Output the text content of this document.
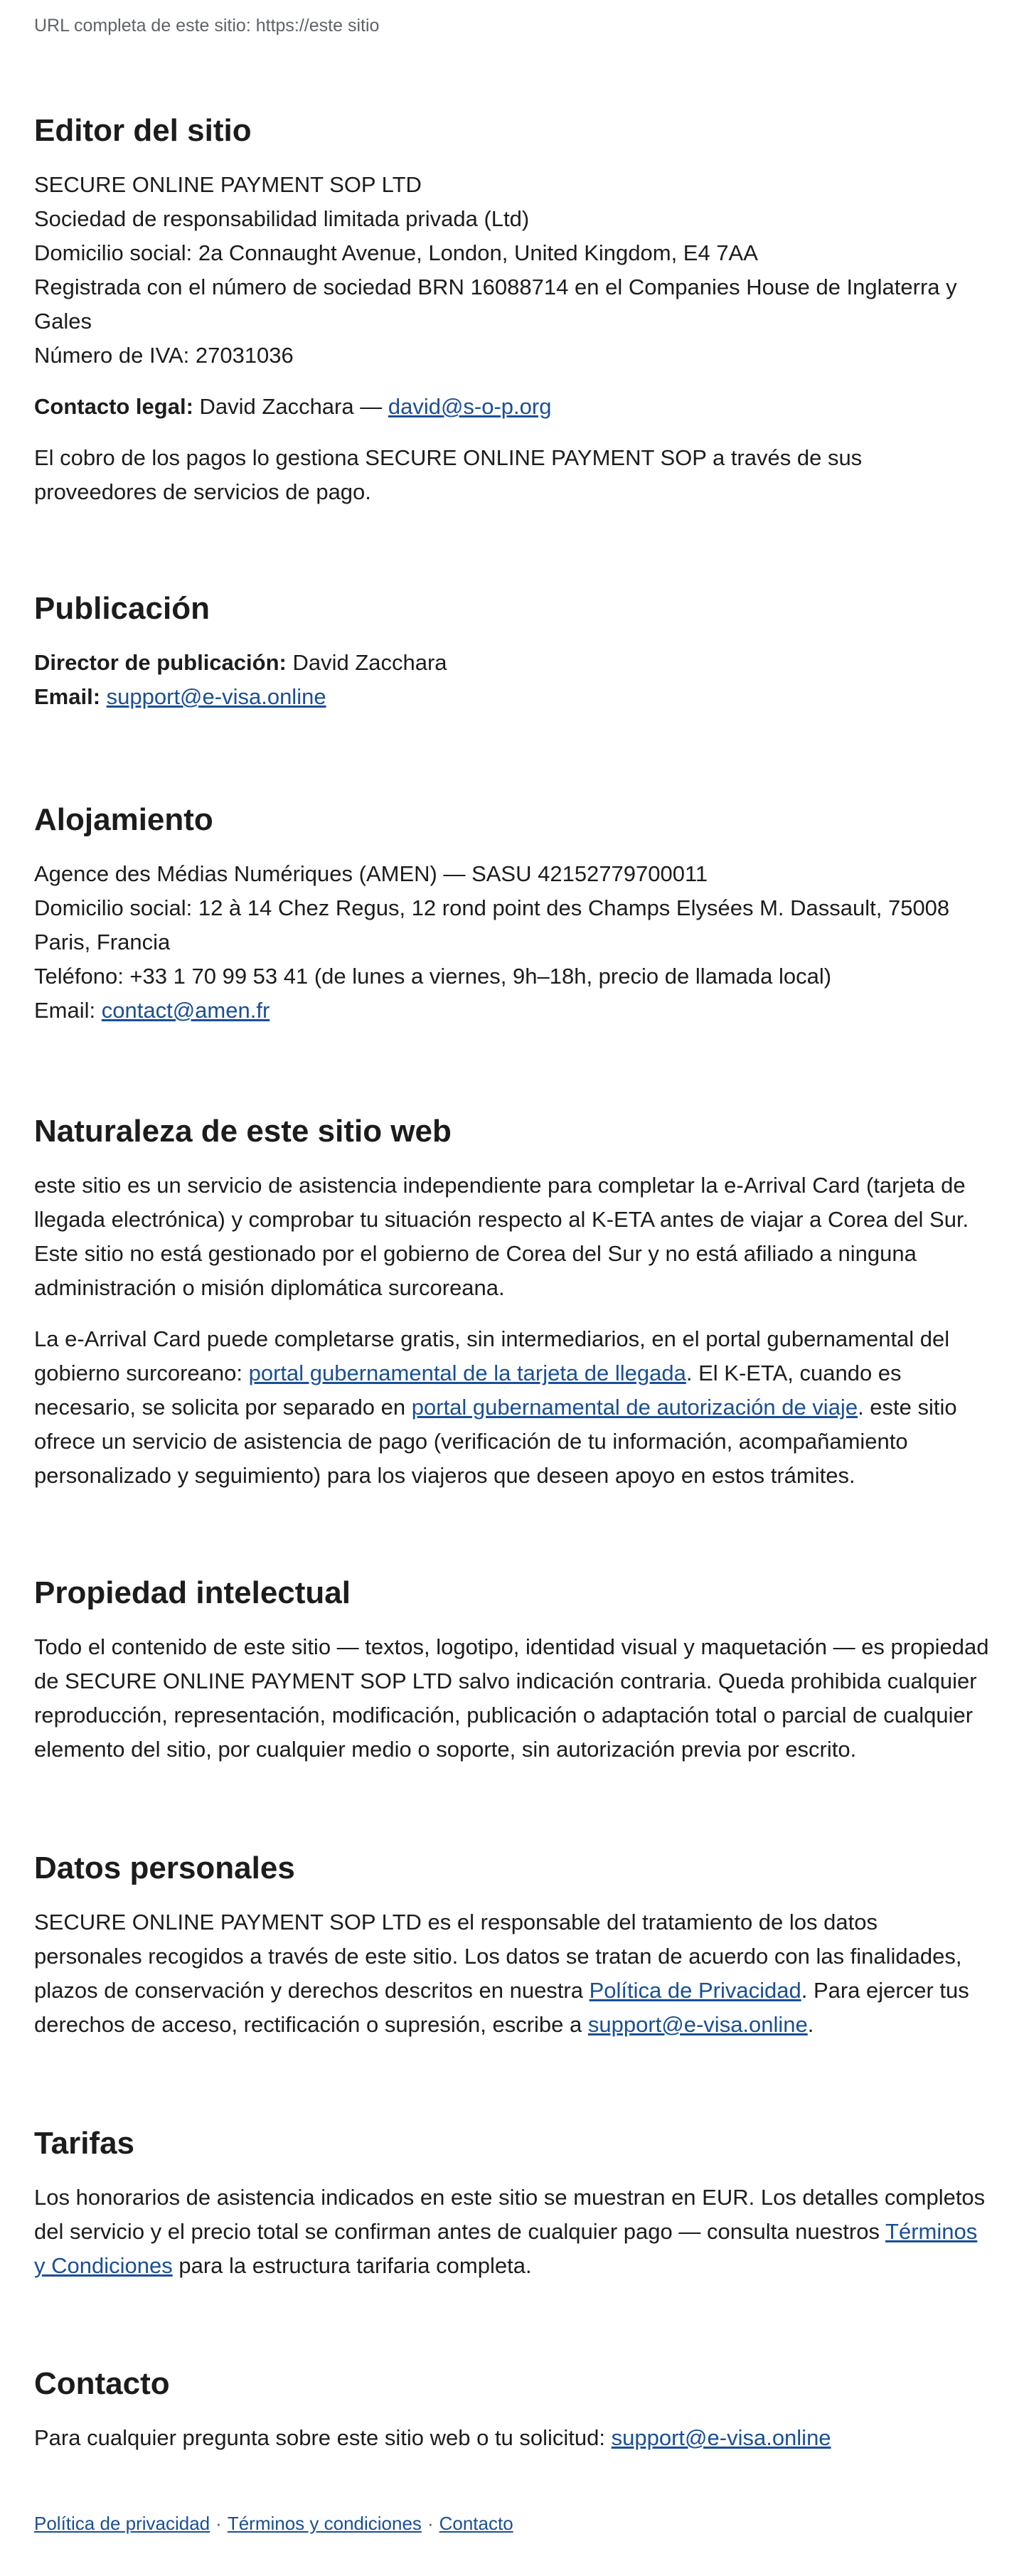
URL completa de este sitio: https://este sitio

Editor del sitio

SECURE ONLINE PAYMENT SOP LTD

Sociedad de responsabilidad limitada privada (Ltd)

Domicilio social: 2a Connaught Avenue, London, United Kingdom, E4 7AA

Registrada con el número de sociedad BRN 16088714 en el Companies House de Inglaterra y Gales

Número de IVA: 27031036

Contacto legal: David Zacchara — david@s-o-p.org

El cobro de los pagos lo gestiona SECURE ONLINE PAYMENT SOP a través de sus proveedores de servicios de pago.

Publicación

Director de publicación: David Zacchara

Email: support@e-visa.online

Alojamiento

Agence des Médias Numériques (AMEN) — SASU 42152779700011

Domicilio social: 12 à 14 Chez Regus, 12 rond point des Champs Elysées M. Dassault, 75008 Paris, Francia

Teléfono: +33 1 70 99 53 41 (de lunes a viernes, 9h–18h, precio de llamada local)

Email: contact@amen.fr

Naturaleza de este sitio web

este sitio es un servicio de asistencia independiente para completar la e-Arrival Card (tarjeta de llegada electrónica) y comprobar tu situación respecto al K-ETA antes de viajar a Corea del Sur. Este sitio no está gestionado por el gobierno de Corea del Sur y no está afiliado a ninguna administración o misión diplomática surcoreana.

La e-Arrival Card puede completarse gratis, sin intermediarios, en el portal gubernamental del gobierno surcoreano: portal gubernamental de la tarjeta de llegada. El K-ETA, cuando es necesario, se solicita por separado en portal gubernamental de autorización de viaje. este sitio ofrece un servicio de asistencia de pago (verificación de tu información, acompañamiento personalizado y seguimiento) para los viajeros que deseen apoyo en estos trámites.

Propiedad intelectual

Todo el contenido de este sitio — textos, logotipo, identidad visual y maquetación — es propiedad de SECURE ONLINE PAYMENT SOP LTD salvo indicación contraria. Queda prohibida cualquier reproducción, representación, modificación, publicación o adaptación total o parcial de cualquier elemento del sitio, por cualquier medio o soporte, sin autorización previa por escrito.

Datos personales

SECURE ONLINE PAYMENT SOP LTD es el responsable del tratamiento de los datos personales recogidos a través de este sitio. Los datos se tratan de acuerdo con las finalidades, plazos de conservación y derechos descritos en nuestra Política de Privacidad. Para ejercer tus derechos de acceso, rectificación o supresión, escribe a support@e-visa.online.

Tarifas

Los honorarios de asistencia indicados en este sitio se muestran en EUR. Los detalles completos del servicio y el precio total se confirman antes de cualquier pago — consulta nuestros Términos y Condiciones para la estructura tarifaria completa.

Contacto

Para cualquier pregunta sobre este sitio web o tu solicitud: support@e-visa.online

Política de privacidad · Términos y condiciones · Contacto
